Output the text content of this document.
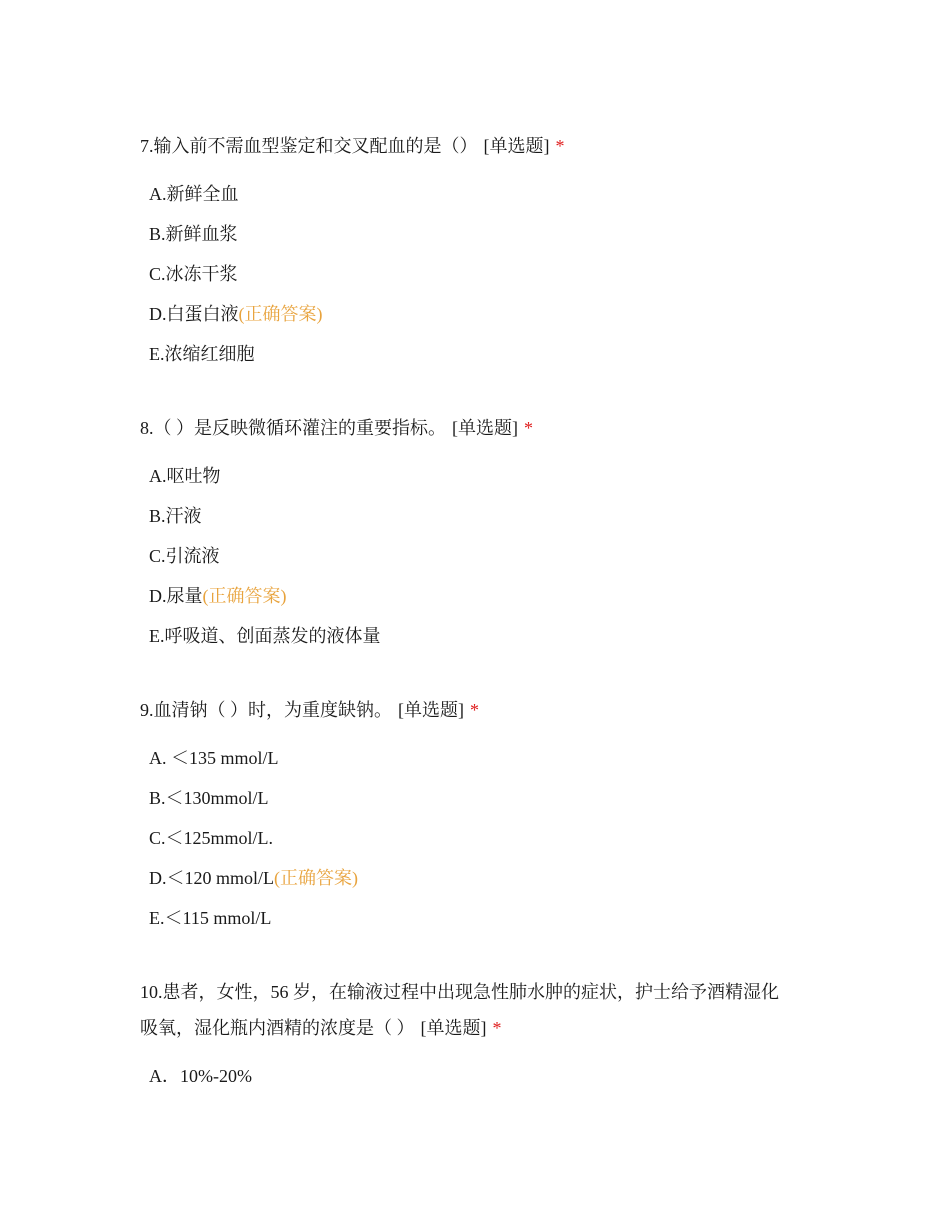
7.输入前不需血型鉴定和交叉配血的是（） [单选题] *

A.新鲜全血
B.新鲜血浆
C.冰冻干浆
D.白蛋白液(正确答案)
E.浓缩红细胞

8.（ ）是反映微循环灌注的重要指标。 [单选题] *

A.呕吐物
B.汗液
C.引流液
D.尿量(正确答案)
E.呼吸道、创面蒸发的液体量

9.血清钠（ ）时，为重度缺钠。 [单选题] *

A. ＜135 mmol/L
B.＜130mmol/L
C.＜125mmol/L.
D.＜120 mmol/L(正确答案)
E.＜115 mmol/L

10.患者，女性，56 岁，在输液过程中出现急性肺水肿的症状，护士给予酒精湿化
吸氧，湿化瓶内酒精的浓度是（ ） [单选题] *

A．10%-20%
